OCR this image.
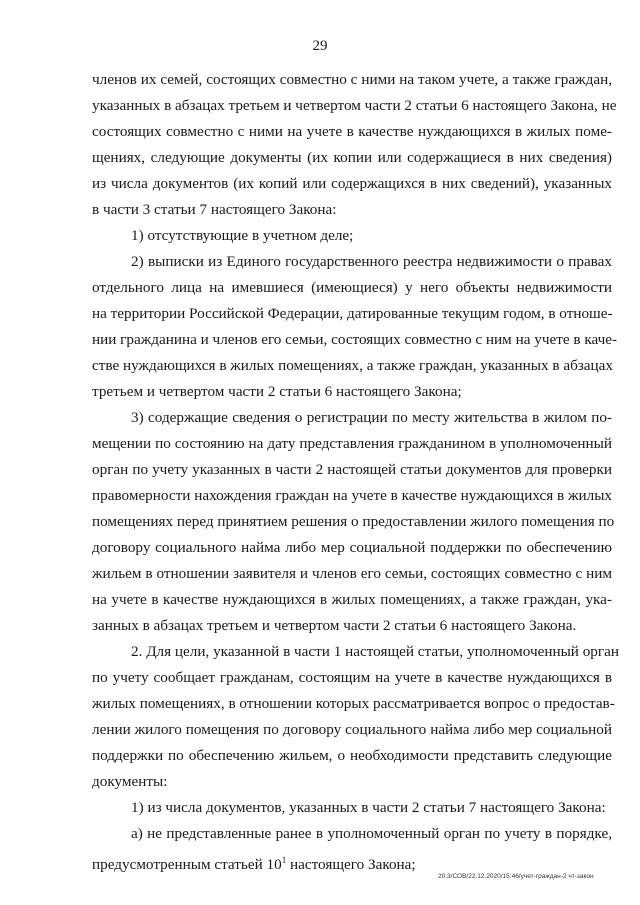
29
членов их семей, состоящих совместно с ними на таком учете, а также граждан,
указанных в абзацах третьем и четвертом части 2 статьи 6 настоящего Закона, не
состоящих совместно с ними на учете в качестве нуждающихся в жилых поме-
щениях, следующие документы (их копии или содержащиеся в них сведения)
из числа документов (их копий или содержащихся в них сведений), указанных
в части 3 статьи 7 настоящего Закона:
1) отсутствующие в учетном деле;
2) выписки из Единого государственного реестра недвижимости о правах
отдельного лица на имевшиеся (имеющиеся) у него объекты недвижимости
на территории Российской Федерации, датированные текущим годом, в отноше-
нии гражданина и членов его семьи, состоящих совместно с ним на учете в каче-
стве нуждающихся в жилых помещениях, а также граждан, указанных в абзацах
третьем и четвертом части 2 статьи 6 настоящего Закона;
3) содержащие сведения о регистрации по месту жительства в жилом по-
мещении по состоянию на дату представления гражданином в уполномоченный
орган по учету указанных в части 2 настоящей статьи документов для проверки
правомерности нахождения граждан на учете в качестве нуждающихся в жилых
помещениях перед принятием решения о предоставлении жилого помещения по
договору социального найма либо мер социальной поддержки по обеспечению
жильем в отношении заявителя и членов его семьи, состоящих совместно с ним
на учете в качестве нуждающихся в жилых помещениях, а также граждан, ука-
занных в абзацах третьем и четвертом части 2 статьи 6 настоящего Закона.
2. Для цели, указанной в части 1 настоящей статьи, уполномоченный орган
по учету сообщает гражданам, состоящим на учете в качестве нуждающихся в
жилых помещениях, в отношении которых рассматривается вопрос о предостав-
лении жилого помещения по договору социального найма либо мер социальной
поддержки по обеспечению жильем, о необходимости представить следующие
документы:
1) из числа документов, указанных в части 2 статьи 7 настоящего Закона:
а) не представленные ранее в уполномоченный орган по учету в порядке,
предусмотренным статьей $10^1$ настоящего Закона;
20.3/СОВ/22.12.2020/15:46/учет-граждан-2 чт-закон
